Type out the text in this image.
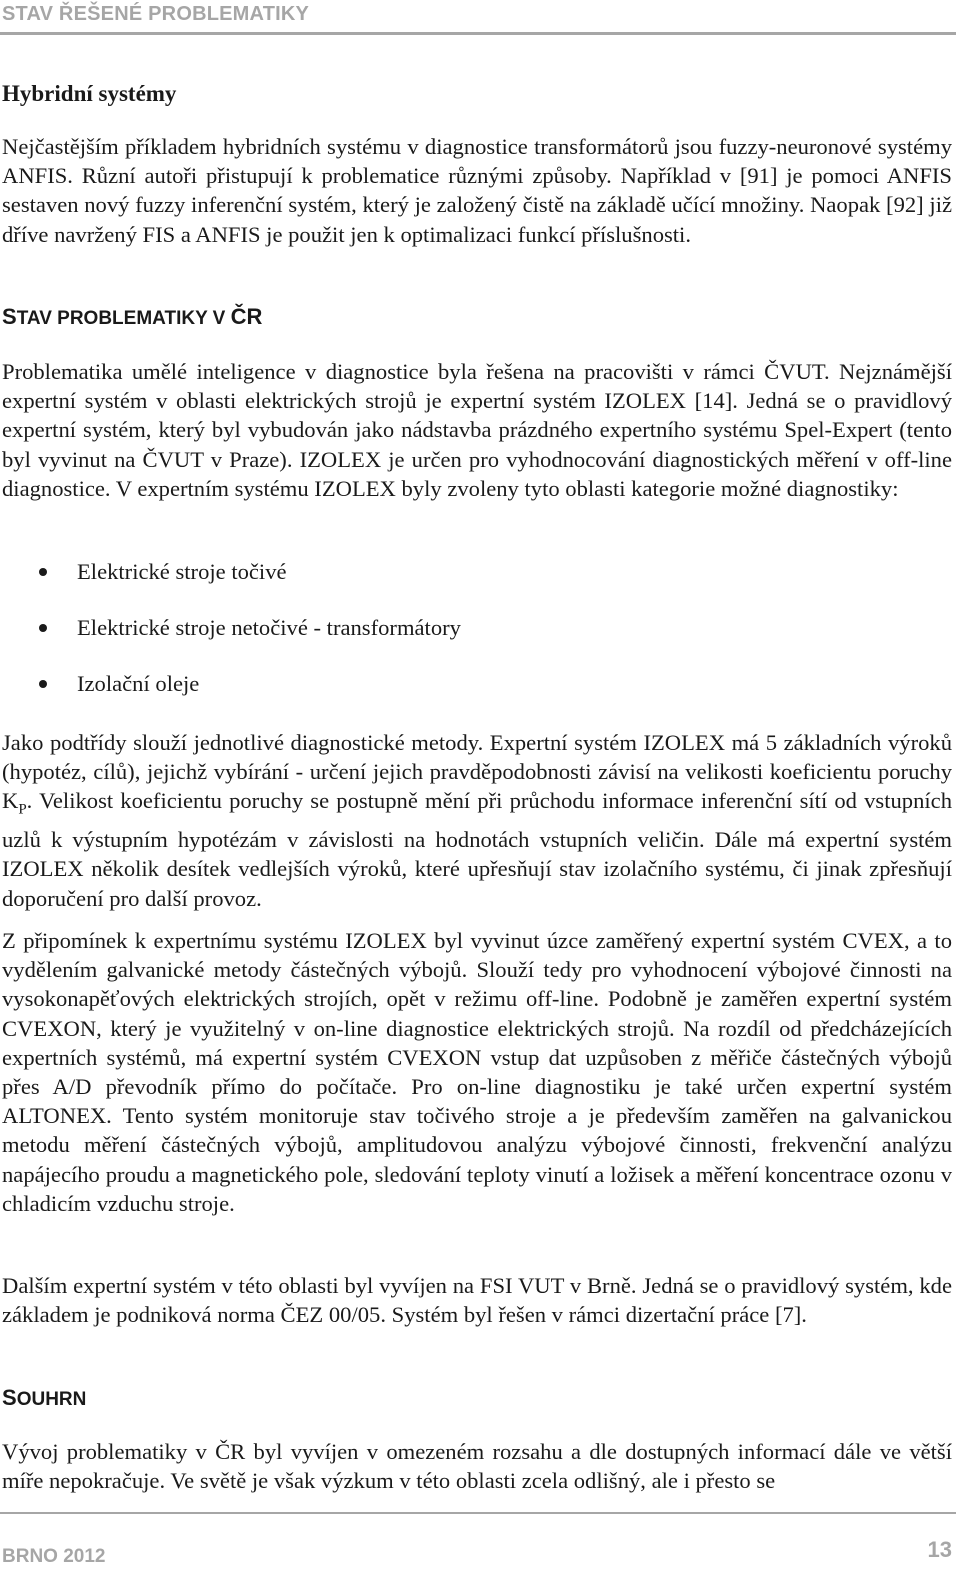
STAV ŘEŠENÉ PROBLEMATIKY
Hybridní systémy

Nejčastějším příkladem hybridních systému v diagnostice transformátorů jsou fuzzy-neuronové systémy ANFIS. Různí autoři přistupují k problematice různými způsoby. Například v [91] je pomoci ANFIS sestaven nový fuzzy inferenční systém, který je založený čistě na základě učící množiny. Naopak [92] již dříve navržený FIS a ANFIS je použit jen k optimalizaci funkcí příslušnosti.

STAV PROBLEMATIKY V ČR

Problematika umělé inteligence v diagnostice byla řešena na pracovišti v rámci ČVUT. Nejznámější expertní systém v oblasti elektrických strojů je expertní systém IZOLEX [14]. Jedná se o pravidlový expertní systém, který byl vybudován jako nádstavba prázdného expertního systému Spel-Expert (tento byl vyvinut na ČVUT v Praze). IZOLEX je určen pro vyhodnocování diagnostických měření v off-line diagnostice. V expertním systému IZOLEX byly zvoleny tyto oblasti kategorie možné diagnostiky:

Elektrické stroje točivé
Elektrické stroje netočivé - transformátory
Izolační oleje

Jako podtřídy slouží jednotlivé diagnostické metody. Expertní systém IZOLEX má 5 základních výroků (hypotéz, cílů), jejichž vybírání - určení jejich pravděpodobnosti závisí na velikosti koeficientu poruchy $K_P$. Velikost koeficientu poruchy se postupně mění při průchodu informace inferenční sítí od vstupních uzlů k výstupním hypotézám v závislosti na hodnotách vstupních veličin. Dále má expertní systém IZOLEX několik desítek vedlejších výroků, které upřesňují stav izolačního systému, či jinak zpřesňují doporučení pro další provoz.

Z připomínek k expertnímu systému IZOLEX byl vyvinut úzce zaměřený expertní systém CVEX, a to vydělením galvanické metody částečných výbojů. Slouží tedy pro vyhodnocení výbojové činnosti na vysokonapěťových elektrických strojích, opět v režimu off-line. Podobně je zaměřen expertní systém CVEXON, který je využitelný v on-line diagnostice elektrických strojů. Na rozdíl od předcházejících expertních systémů, má expertní systém CVEXON vstup dat uzpůsoben z měřiče částečných výbojů přes A/D převodník přímo do počítače. Pro on-line diagnostiku je také určen expertní systém ALTONEX. Tento systém monitoruje stav točivého stroje a je především zaměřen na galvanickou metodu měření částečných výbojů, amplitudovou analýzu výbojové činnosti, frekvenční analýzu napájecího proudu a magnetického pole, sledování teploty vinutí a ložisek a měření koncentrace ozonu v chladicím vzduchu stroje.

Dalším expertní systém v této oblasti byl vyvíjen na FSI VUT v Brně. Jedná se o pravidlový systém, kde základem je podniková norma ČEZ 00/05. Systém byl řešen v rámci dizertační práce [7].

SOUHRN

Vývoj problematiky v ČR byl vyvíjen v omezeném rozsahu a dle dostupných informací dále ve větší míře nepokračuje. Ve světě je však výzkum v této oblasti zcela odlišný, ale i přesto se

BRNO 2012	13
